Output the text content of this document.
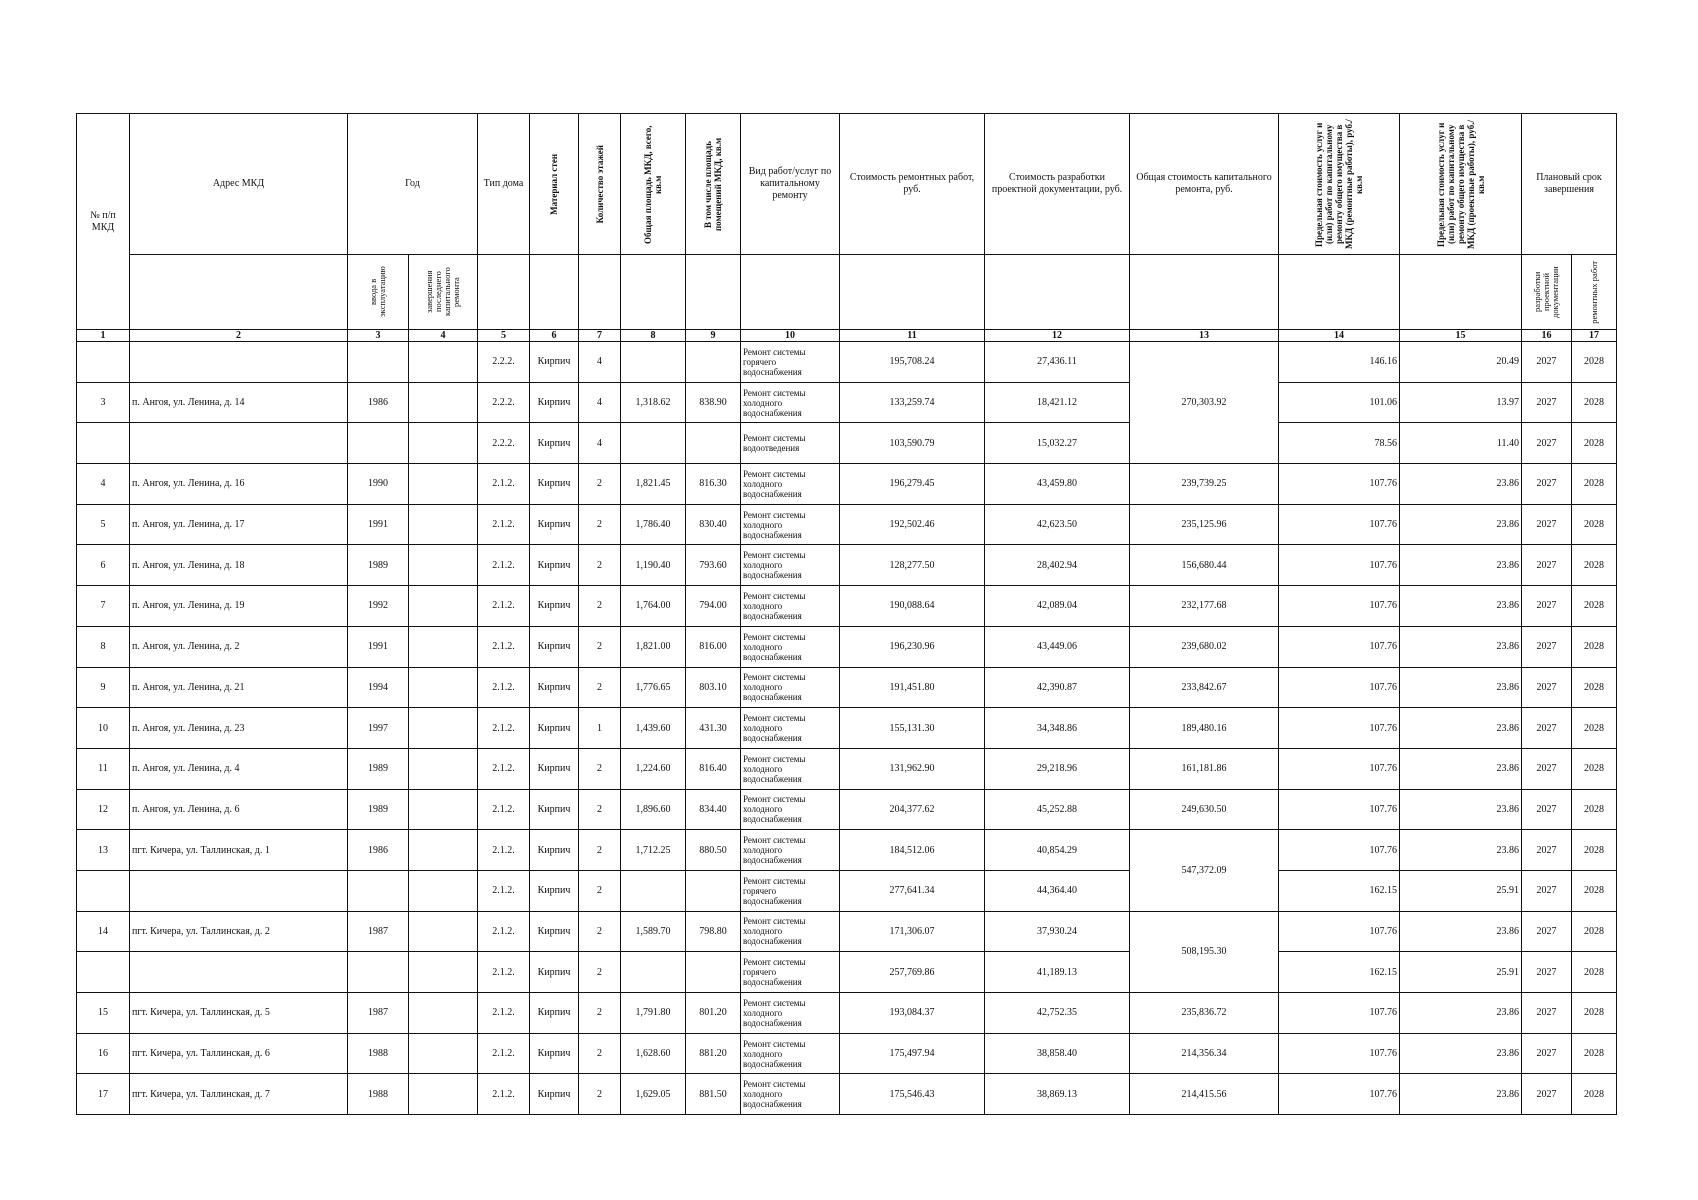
№ п/п МКД	Адрес МКД	Год		Тип дома	Материал стен	Количество этажей	Общая площадь МКД, всего, кв.м	В том числе площадь помещений МКД, кв.м	Вид работ/услуг по капитальному ремонту	Стоимость ремонтных работ, руб.	Стоимость разработки проектной документации, руб.	Общая стоимость капитального ремонта, руб.	Предельная стоимость услуг и (или) работ по капитальному ремонту общего имущества в МКД (ремонтные работы), руб./кв.м	Предельная стоимость услуг и (или) работ по капитальному ремонту общего имущества в МКД (проектные работы), руб./кв.м	Плановый срок завершения	

		ввода в эксплуатацию	завершения последнего капитального ремонта												разработки проектной документации	ремонтных работ

1	2	3	4	5	6	7	8	9	10	11	12	13	14	15	16	17
				2.2.2.	Кирпич	4			Ремонт системы горячего водоснабжения	195,708.24	27,436.11	270,303.92	146.16	20.49	2027	2028
3	п. Ангоя, ул. Ленина, д. 14	1986		2.2.2.	Кирпич	4	1,318.62	838.90	Ремонт системы холодного водоснабжения	133,259.74	18,421.12		101.06	13.97	2027	2028
				2.2.2.	Кирпич	4			Ремонт системы водоотведения	103,590.79	15,032.27		78.56	11.40	2027	2028
4	п. Ангоя, ул. Ленина, д. 16	1990		2.1.2.	Кирпич	2	1,821.45	816.30	Ремонт системы холодного водоснабжения	196,279.45	43,459.80	239,739.25	107.76	23.86	2027	2028
5	п. Ангоя, ул. Ленина, д. 17	1991		2.1.2.	Кирпич	2	1,786.40	830.40	Ремонт системы холодного водоснабжения	192,502.46	42,623.50	235,125.96	107.76	23.86	2027	2028
6	п. Ангоя, ул. Ленина, д. 18	1989		2.1.2.	Кирпич	2	1,190.40	793.60	Ремонт системы холодного водоснабжения	128,277.50	28,402.94	156,680.44	107.76	23.86	2027	2028
7	п. Ангоя, ул. Ленина, д. 19	1992		2.1.2.	Кирпич	2	1,764.00	794.00	Ремонт системы холодного водоснабжения	190,088.64	42,089.04	232,177.68	107.76	23.86	2027	2028
8	п. Ангоя, ул. Ленина, д. 2	1991		2.1.2.	Кирпич	2	1,821.00	816.00	Ремонт системы холодного водоснабжения	196,230.96	43,449.06	239,680.02	107.76	23.86	2027	2028
9	п. Ангоя, ул. Ленина, д. 21	1994		2.1.2.	Кирпич	2	1,776.65	803.10	Ремонт системы холодного водоснабжения	191,451.80	42,390.87	233,842.67	107.76	23.86	2027	2028
10	п. Ангоя, ул. Ленина, д. 23	1997		2.1.2.	Кирпич	1	1,439.60	431.30	Ремонт системы холодного водоснабжения	155,131.30	34,348.86	189,480.16	107.76	23.86	2027	2028
11	п. Ангоя, ул. Ленина, д. 4	1989		2.1.2.	Кирпич	2	1,224.60	816.40	Ремонт системы холодного водоснабжения	131,962.90	29,218.96	161,181.86	107.76	23.86	2027	2028
12	п. Ангоя, ул. Ленина, д. 6	1989		2.1.2.	Кирпич	2	1,896.60	834.40	Ремонт системы холодного водоснабжения	204,377.62	45,252.88	249,630.50	107.76	23.86	2027	2028
13	пгт. Кичера, ул. Таллинская, д. 1	1986		2.1.2.	Кирпич	2	1,712.25	880.50	Ремонт системы холодного водоснабжения	184,512.06	40,854.29	547,372.09	107.76	23.86	2027	2028
				2.1.2.	Кирпич	2			Ремонт системы горячего водоснабжения	277,641.34	44,364.40		162.15	25.91	2027	2028
14	пгт. Кичера, ул. Таллинская, д. 2	1987		2.1.2.	Кирпич	2	1,589.70	798.80	Ремонт системы холодного водоснабжения	171,306.07	37,930.24	508,195.30	107.76	23.86	2027	2028
				2.1.2.	Кирпич	2			Ремонт системы горячего водоснабжения	257,769.86	41,189.13		162.15	25.91	2027	2028
15	пгт. Кичера, ул. Таллинская, д. 5	1987		2.1.2.	Кирпич	2	1,791.80	801.20	Ремонт системы холодного водоснабжения	193,084.37	42,752.35	235,836.72	107.76	23.86	2027	2028
16	пгт. Кичера, ул. Таллинская, д. 6	1988		2.1.2.	Кирпич	2	1,628.60	881.20	Ремонт системы холодного водоснабжения	175,497.94	38,858.40	214,356.34	107.76	23.86	2027	2028
17	пгт. Кичера, ул. Таллинская, д. 7	1988		2.1.2.	Кирпич	2	1,629.05	881.50	Ремонт системы холодного водоснабжения	175,546.43	38,869.13	214,415.56	107.76	23.86	2027	2028
